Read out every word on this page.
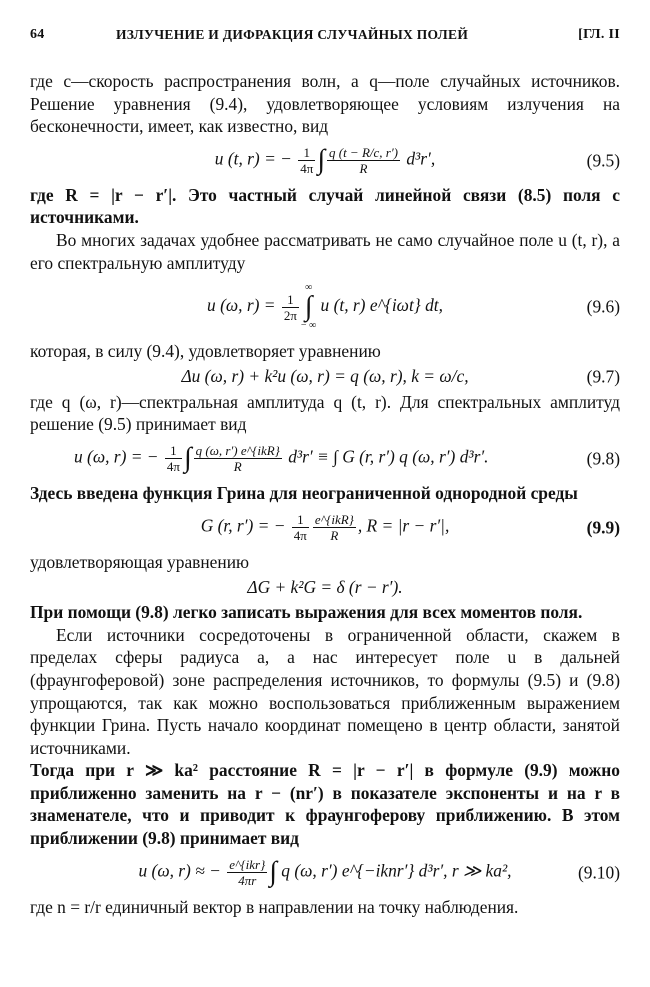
64	ИЗЛУЧЕНИЕ И ДИФРАКЦИЯ СЛУЧАЙНЫХ ПОЛЕЙ	[ГЛ. II

где c—скорость распространения волн, а q—поле случайных источников. Решение уравнения (9.4), удовлетворяющее условиям излучения на бесконечности, имеет, как известно, вид

u (t, r) = − $\frac{1}{4\pi}$ ∫ $\frac{q (t - R/c, r')}{R} d^3r'$,	(9.5)

где R = |r − r′|. Это частный случай линейной связи (8.5) поля с источниками.

Во многих задачах удобнее рассматривать не само случайное поле u (t, r), а его спектральную амплитуду

u (ω, $r) = \frac{1}{2\pi}$
∞
∫
− ∞
u (t, r) e^{iωt} dt,	(9.6)

которая, в силу (9.4), удовлетворяет уравнению

Δu (ω, r) + k²u (ω, r) = q (ω, r), k = ω/c,	(9.7)

где q (ω, r)—спектральная амплитуда q (t, r). Для спектральных амплитуд решение (9.5) принимает вид

u (ω, r) = − $\frac{1}{4\pi}$ ∫ $\frac{\text{q (ω, r′) e\textasciicircum{}\{ikR\}}}{R} d^3r'$ ≡ ∫ G (r, r′) q (ω, r′) d³r′.	(9.8)

Здесь введена функция Грина для неограниченной однородной среды

G (r, r′) = − $\frac{1}{4\pi} \frac{\text{e\textasciicircum{}\{ikR\}}}{R}$ , R = |r − r′|,	(9.9)

удовлетворяющая уравнению

ΔG + k²G = δ (r − r′).

При помощи (9.8) легко записать выражения для всех моментов поля.

Если источники сосредоточены в ограниченной области, скажем в пределах сферы радиуса a, а нас интересует поле u в дальней (фраунгоферовой) зоне распределения источников, то формулы (9.5) и (9.8) упрощаются, так как можно воспользоваться приближенным выражением функции Грина. Пусть начало координат помещено в центр области, занятой источниками.

Тогда при r ≫ ka² расстояние R = |r − r′| в формуле (9.9) можно приближенно заменить на r − (nr′) в показателе экспоненты и на r в знаменателе, что и приводит к фраунгоферову приближению. В этом приближении (9.8) принимает вид

u (ω, r) ≈ − $\frac{\text{e\textasciicircum{}\{ikr\}}}{4\pi r}$ ∫ q (ω, r′) e^{−iknr′} d³r′, r ≫ ka²,	(9.10)

где n = r/r единичный вектор в направлении на точку наблюдения.
